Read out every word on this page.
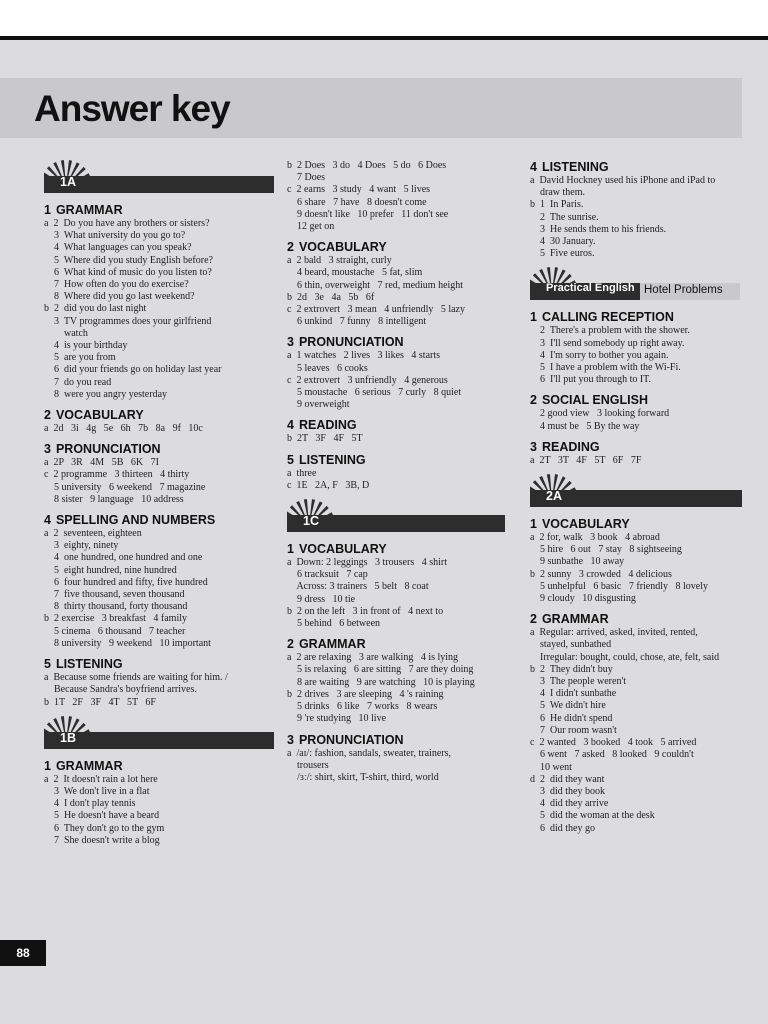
Answer key
1A
1 GRAMMAR
a  2  Do you have any brothers or sisters?
3  What university do you go to?
4  What languages can you speak?
5  Where did you study English before?
6  What kind of music do you listen to?
7  How often do you do exercise?
8  Where did you go last weekend?
b  2  did you do last night
3  TV programmes does your girlfriend
watch
4  is your birthday
5  are you from
6  did your friends go on holiday last year
7  do you read
8  were you angry yesterday
2 VOCABULARY
a  2d   3i   4g   5e   6h   7b   8a   9f   10c
3 PRONUNCIATION
a  2P   3R   4M   5B   6K   7I
c  2 programme   3 thirteen   4 thirty
5 university   6 weekend   7 magazine
8 sister   9 language   10 address
4 SPELLING AND NUMBERS
a  2  seventeen, eighteen
3  eighty, ninety
4  one hundred, one hundred and one
5  eight hundred, nine hundred
6  four hundred and fifty, five hundred
7  five thousand, seven thousand
8  thirty thousand, forty thousand
b  2 exercise   3 breakfast   4 family
5 cinema   6 thousand   7 teacher
8 university   9 weekend   10 important
5 LISTENING
a  Because some friends are waiting for him. /
Because Sandra's boyfriend arrives.
b  1T   2F   3F   4T   5T   6F
1B
1 GRAMMAR
a  2  It doesn't rain a lot here
3  We don't live in a flat
4  I don't play tennis
5  He doesn't have a beard
6  They don't go to the gym
7  She doesn't write a blog
b  2 Does   3 do   4 Does   5 do   6 Does
7 Does
c  2 earns   3 study   4 want   5 lives
6 share   7 have   8 doesn't come
9 doesn't like   10 prefer   11 don't see
12 get on
2 VOCABULARY
a  2 bald   3 straight, curly
4 beard, moustache   5 fat, slim
6 thin, overweight   7 red, medium height
b  2d   3e   4a   5b   6f
c  2 extrovert   3 mean   4 unfriendly   5 lazy
6 unkind   7 funny   8 intelligent
3 PRONUNCIATION
a  1 watches   2 lives   3 likes   4 starts
5 leaves   6 cooks
c  2 extrovert   3 unfriendly   4 generous
5 moustache   6 serious   7 curly   8 quiet
9 overweight
4 READING
b  2T   3F   4F   5T
5 LISTENING
a  three
c  1E   2A, F   3B, D
1C
1 VOCABULARY
a  Down: 2 leggings   3 trousers   4 shirt
6 tracksuit   7 cap
Across: 3 trainers   5 belt   8 coat
9 dress   10 tie
b  2 on the left   3 in front of   4 next to
5 behind   6 between
2 GRAMMAR
a  2 are relaxing   3 are walking   4 is lying
5 is relaxing   6 are sitting   7 are they doing
8 are waiting   9 are watching   10 is playing
b  2 drives   3 are sleeping   4 's raining
5 drinks   6 like   7 works   8 wears
9 're studying   10 live
3 PRONUNCIATION
a  /aɪ/: fashion, sandals, sweater, trainers,
trousers
/ɜː/: shirt, skirt, T-shirt, third, world
4 LISTENING
a  David Hockney used his iPhone and iPad to
draw them.
b  1  In Paris.
2  The sunrise.
3  He sends them to his friends.
4  30 January.
5  Five euros.
Practical English Hotel Problems
1 CALLING RECEPTION
2  There's a problem with the shower.
3  I'll send somebody up right away.
4  I'm sorry to bother you again.
5  I have a problem with the Wi-Fi.
6  I'll put you through to IT.
2 SOCIAL ENGLISH
2 good view   3 looking forward
4 must be   5 By the way
3 READING
a  2T   3T   4F   5T   6F   7F
2A
1 VOCABULARY
a  2 for, walk   3 book   4 abroad
5 hire   6 out   7 stay   8 sightseeing
9 sunbathe   10 away
b  2 sunny   3 crowded   4 delicious
5 unhelpful   6 basic   7 friendly   8 lovely
9 cloudy   10 disgusting
2 GRAMMAR
a  Regular: arrived, asked, invited, rented,
stayed, sunbathed
Irregular: bought, could, chose, ate, felt, said
b  2  They didn't buy
3  The people weren't
4  I didn't sunbathe
5  We didn't hire
6  He didn't spend
7  Our room wasn't
c  2 wanted   3 booked   4 took   5 arrived
6 went   7 asked   8 looked   9 couldn't
10 went
d  2  did they want
3  did they book
4  did they arrive
5  did the woman at the desk
6  did they go
88
